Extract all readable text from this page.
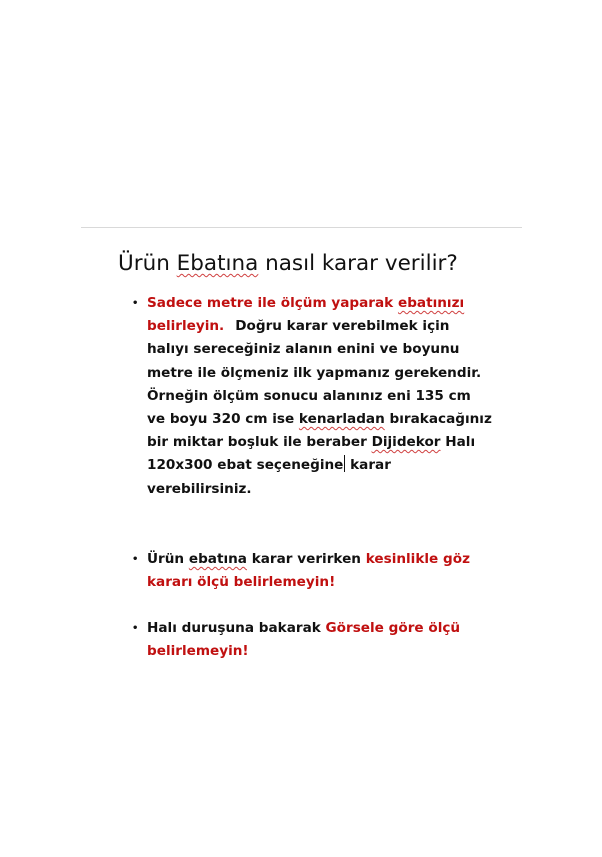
Ürün Ebatına nasıl karar verilir?
• Sadece metre ile ölçüm yaparak ebatınızı
belirleyin. Doğru karar verebilmek için halıyı sereceğiniz alanın enini ve boyunu metre ile ölçmeniz ilk yapmanız gerekendir. Örneğin ölçüm sonucu alanınız eni 135 cm ve boyu 320 cm ise kenarladan bırakacağınız bir miktar boşluk ile beraber Dijidekor Halı 120x300 ebat seçeneğine karar verebilirsiniz.
• Ürün ebatına karar verirken kesinlikle göz kararı ölçü belirlemeyin!
• Halı duruşuna bakarak Görsele göre ölçü belirlemeyin!
